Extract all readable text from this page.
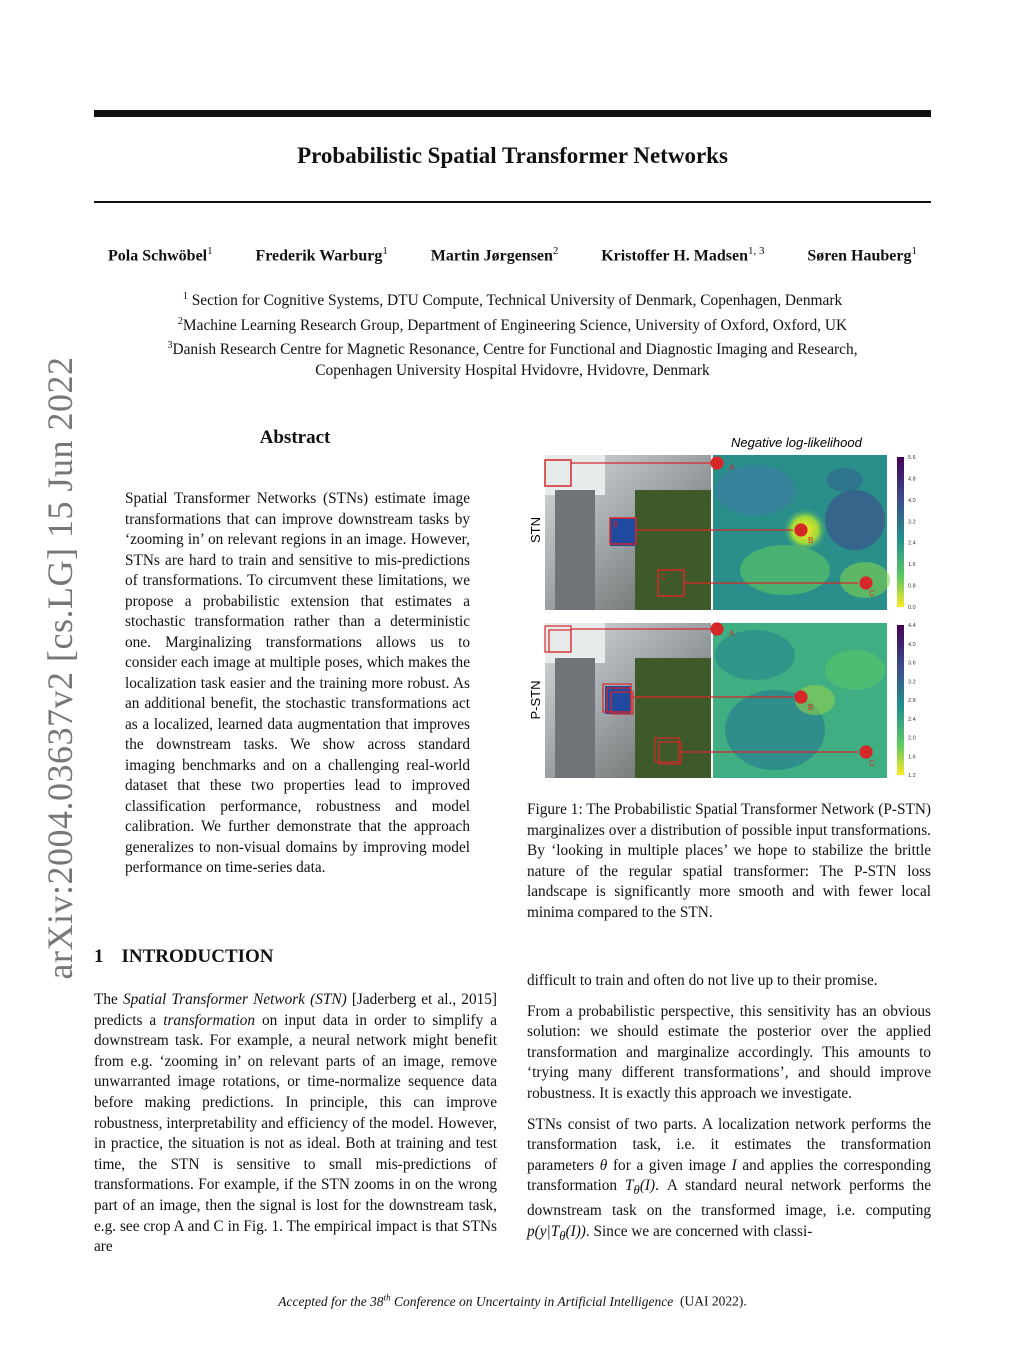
arXiv:2004.03637v2 [cs.LG] 15 Jun 2022
Probabilistic Spatial Transformer Networks
Pola Schwöbel$^1$	Frederik Warburg$^1$	Martin Jørgensen$^2$	Kristoffer H. Madsen$^{1, 3}$	Søren Hauberg$^1$
$^1$ Section for Cognitive Systems, DTU Compute, Technical University of Denmark, Copenhagen, Denmark
$^2$Machine Learning Research Group, Department of Engineering Science, University of Oxford, Oxford, UK
$^3$Danish Research Centre for Magnetic Resonance, Centre for Functional and Diagnostic Imaging and Research,
Copenhagen University Hospital Hvidovre, Hvidovre, Denmark
Abstract
Spatial Transformer Networks (STNs) estimate image transformations that can improve downstream tasks by ‘zooming in’ on relevant regions in an image. However, STNs are hard to train and sensitive to mis-predictions of transformations. To circumvent these limitations, we propose a probabilistic extension that estimates a stochastic transformation rather than a deterministic one. Marginalizing transformations allows us to consider each image at multiple poses, which makes the localization task easier and the training more robust. As an additional benefit, the stochastic transformations act as a localized, learned data augmentation that improves the downstream tasks. We show across standard imaging benchmarks and on a challenging real-world dataset that these two properties lead to improved classification performance, robustness and model calibration. We further demonstrate that the approach generalizes to non-visual domains by improving model performance on time-series data.
Negative log-likelihood
STN
P-STN
B
C
A
B
C
A
B
C
5.6
4.8
4.0
3.2
2.4
1.6
0.8
0.0
4.4
4.0
3.6
3.2
2.8
2.4
2.0
1.6
1.2
Figure 1: The Probabilistic Spatial Transformer Network (P-STN) marginalizes over a distribution of possible input transformations. By ‘looking in multiple places’ we hope to stabilize the brittle nature of the regular spatial transformer: The P-STN loss landscape is significantly more smooth and with fewer local minima compared to the STN.
1 INTRODUCTION

The Spatial Transformer Network (STN) [Jaderberg et al., 2015] predicts a transformation on input data in order to simplify a downstream task. For example, a neural network might benefit from e.g. ‘zooming in’ on relevant parts of an image, remove unwarranted image rotations, or time-normalize sequence data before making predictions. In principle, this can improve robustness, interpretability and efficiency of the model. However, in practice, the situation is not as ideal. Both at training and test time, the STN is sensitive to small mis-predictions of transformations. For example, if the STN zooms in on the wrong part of an image, then the signal is lost for the downstream task, e.g. see crop A and C in Fig. 1. The empirical impact is that STNs are

difficult to train and often do not live up to their promise.

From a probabilistic perspective, this sensitivity has an obvious solution: we should estimate the posterior over the applied transformation and marginalize accordingly. This amounts to ‘trying many different transformations’, and should improve robustness. It is exactly this approach we investigate.

STNs consist of two parts. A localization network performs the transformation task, i.e. it estimates the transformation parameters θ for a given image I and applies the corresponding transformation $T_\theta(I)$. A standard neural network performs the downstream task on the transformed image, i.e. computing $p(y|T_\theta(I))$. Since we are concerned with classi-

Accepted for the 38th Conference on Uncertainty in Artificial Intelligence (UAI 2022).
